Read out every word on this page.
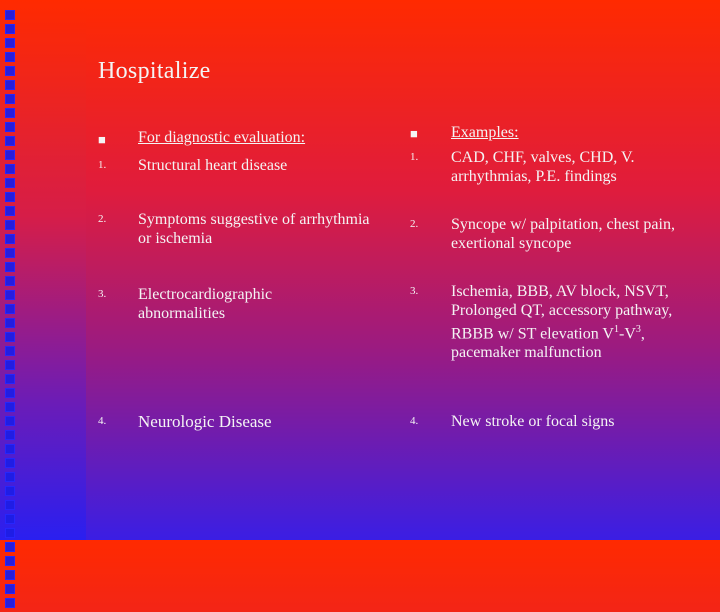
Hospitalize
■ For diagnostic evaluation:
1. Structural heart disease
2. Symptoms suggestive of arrhythmia or ischemia
3. Electrocardiographic abnormalities
4. Neurologic Disease
■ Examples:
1. CAD, CHF, valves, CHD, V. arrhythmias, P.E. findings
2. Syncope w/ palpitation, chest pain, exertional syncope
3. Ischemia, BBB, AV block, NSVT, Prolonged QT, accessory pathway, RBBB w/ ST elevation $V^1-V^3$, pacemaker malfunction
4. New stroke or focal signs
